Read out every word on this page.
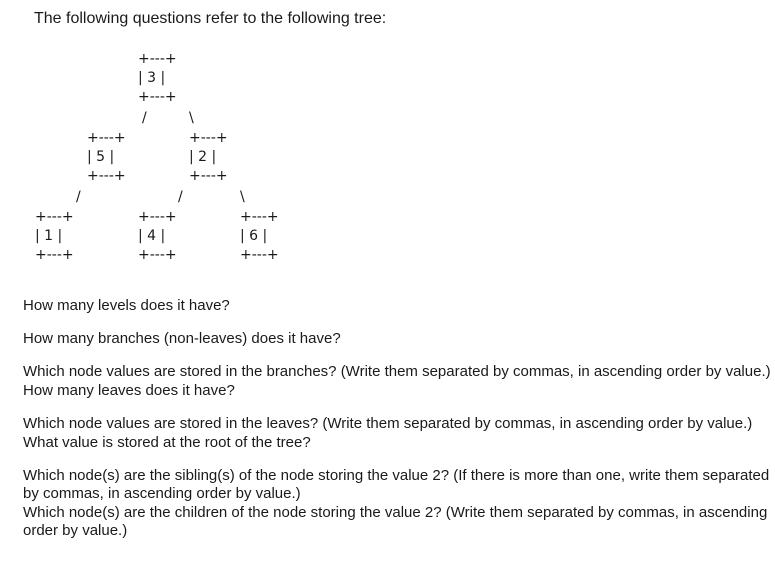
The following questions refer to the following tree:

+---+
| 3 |
+---+
/	\
+---+
| 5 |
+---+
+---+
| 2 |
+---+
/	/	\
+---+
| 1 |
+---+
+---+
| 4 |
+---+
+---+
| 6 |
+---+

How many levels does it have?

How many branches (non-leaves) does it have?

Which node values are stored in the branches? (Write them separated by commas, in ascending order by value.)

How many leaves does it have?

Which node values are stored in the leaves? (Write them separated by commas, in ascending order by value.)

What value is stored at the root of the tree?

Which node(s) are the sibling(s) of the node storing the value 2? (If there is more than one, write them separated by commas, in ascending order by value.)

Which node(s) are the children of the node storing the value 2? (Write them separated by commas, in ascending order by value.)
